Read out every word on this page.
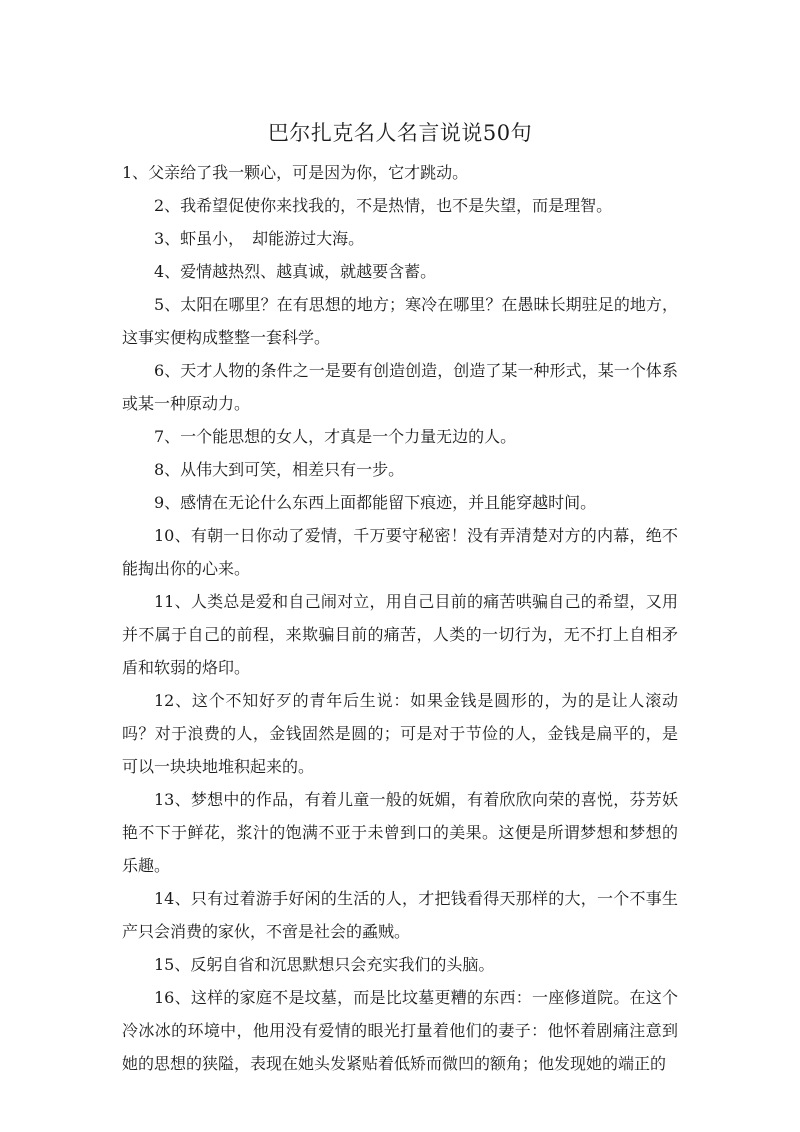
巴尔扎克名人名言说说50句

1、父亲给了我一颗心，可是因为你，它才跳动。

2、我希望促使你来找我的，不是热情，也不是失望，而是理智。

3、虾虽小，　却能游过大海。

4、爱情越热烈、越真诚，就越要含蓄。

5、太阳在哪里？在有思想的地方；寒冷在哪里？在愚昧长期驻足的地方，这事实便构成整整一套科学。

6、天才人物的条件之一是要有创造创造，创造了某一种形式，某一个体系或某一种原动力。

7、一个能思想的女人，才真是一个力量无边的人。

8、从伟大到可笑，相差只有一步。

9、感情在无论什么东西上面都能留下痕迹，并且能穿越时间。

10、有朝一日你动了爱情，千万要守秘密！没有弄清楚对方的内幕，绝不能掏出你的心来。

11、人类总是爱和自己闹对立，用自己目前的痛苦哄骗自己的希望，又用并不属于自己的前程，来欺骗目前的痛苦，人类的一切行为，无不打上自相矛盾和软弱的烙印。

12、这个不知好歹的青年后生说：如果金钱是圆形的，为的是让人滚动吗？对于浪费的人，金钱固然是圆的；可是对于节俭的人，金钱是扁平的，是可以一块块地堆积起来的。

13、梦想中的作品，有着儿童一般的妩媚，有着欣欣向荣的喜悦，芬芳妖艳不下于鲜花，浆汁的饱满不亚于未曾到口的美果。这便是所谓梦想和梦想的乐趣。

14、只有过着游手好闲的生活的人，才把钱看得天那样的大，一个不事生产只会消费的家伙，不啻是社会的蟊贼。

15、反躬自省和沉思默想只会充实我们的头脑。

16、这样的家庭不是坟墓，而是比坟墓更糟的东西：一座修道院。在这个冷冰冰的环境中，他用没有爱情的眼光打量着他们的妻子：他怀着剧痛注意到她的思想的狭隘，表现在她头发紧贴着低矫而微凹的额角；他发现她的端正的
